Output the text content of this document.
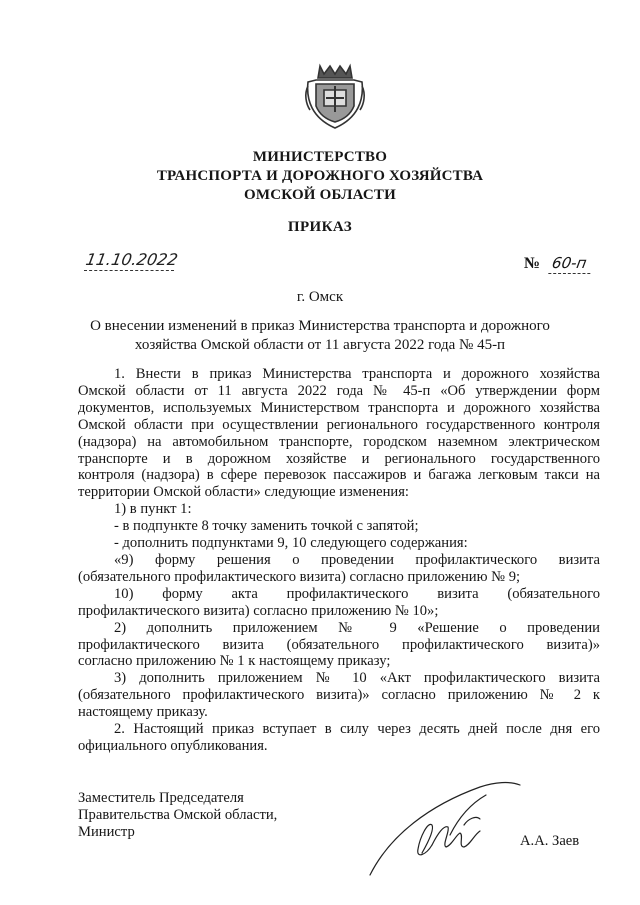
МИНИСТЕРСТВО
ТРАНСПОРТА И ДОРОЖНОГО ХОЗЯЙСТВА
ОМСКОЙ ОБЛАСТИ
ПРИКАЗ
11.10.2022	№ 60-п
г. Омск
О внесении изменений в приказ Министерства транспорта и дорожного
хозяйства Омской области от 11 августа 2022 года № 45-п

1. Внести в приказ Министерства транспорта и дорожного хозяйства

Омской области от 11 августа 2022 года № 45-п «Об утверждении форм

документов, используемых Министерством транспорта и дорожного хозяйства

Омской области при осуществлении регионального государственного контроля

(надзора) на автомобильном транспорте, городском наземном электрическом

транспорте и в дорожном хозяйстве и регионального государственного

контроля (надзора) в сфере перевозок пассажиров и багажа легковым такси на

территории Омской области» следующие изменения:

1) в пункт 1:

- в подпункте 8 точку заменить точкой с запятой;

- дополнить подпунктами 9, 10 следующего содержания:

«9) форму решения о проведении профилактического визита

(обязательного профилактического визита) согласно приложению № 9;

10) форму акта профилактического визита (обязательного

профилактического визита) согласно приложению № 10»;

2) дополнить приложением № 9 «Решение о проведении

профилактического визита (обязательного профилактического визита)»

согласно приложению № 1 к настоящему приказу;

3) дополнить приложением № 10 «Акт профилактического визита

(обязательного профилактического визита)» согласно приложению № 2 к

настоящему приказу.

2. Настоящий приказ вступает в силу через десять дней после дня его

официального опубликования.

Заместитель Председателя
Правительства Омской области,
Министр
А.А. Заев
